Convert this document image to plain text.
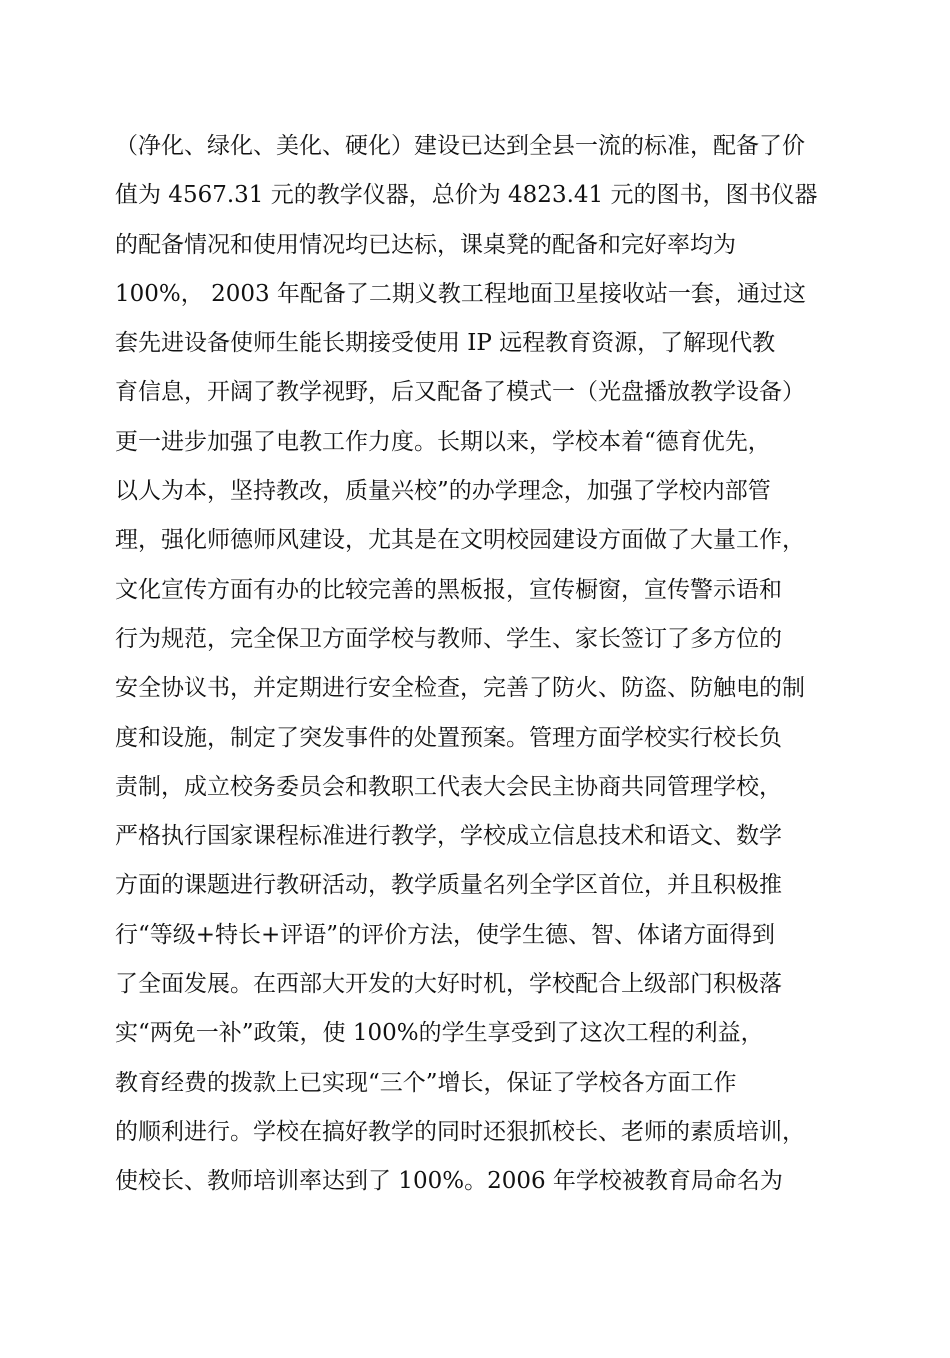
（净化、绿化、美化、硬化）建设已达到全县一流的标准，配备了价
值为 4567.31 元的教学仪器，总价为 4823.41 元的图书，图书仪器
的配备情况和使用情况均已达标，课桌凳的配备和完好率均为
100%， 2003 年配备了二期义教工程地面卫星接收站一套，通过这
套先进设备使师生能长期接受使用 IP 远程教育资源，了解现代教
育信息，开阔了教学视野，后又配备了模式一（光盘播放教学设备）
更一进步加强了电教工作力度。长期以来，学校本着“德育优先，
以人为本，坚持教改，质量兴校”的办学理念，加强了学校内部管
理，强化师德师风建设，尤其是在文明校园建设方面做了大量工作，
文化宣传方面有办的比较完善的黑板报，宣传橱窗，宣传警示语和
行为规范，完全保卫方面学校与教师、学生、家长签订了多方位的
安全协议书，并定期进行安全检查，完善了防火、防盗、防触电的制
度和设施，制定了突发事件的处置预案。管理方面学校实行校长负
责制，成立校务委员会和教职工代表大会民主协商共同管理学校，
严格执行国家课程标准进行教学，学校成立信息技术和语文、数学
方面的课题进行教研活动，教学质量名列全学区首位，并且积极推
行“等级+特长+评语”的评价方法，使学生德、智、体诸方面得到
了全面发展。在西部大开发的大好时机，学校配合上级部门积极落
实“两免一补”政策，使 100%的学生享受到了这次工程的利益，
教育经费的拨款上已实现“三个”增长，保证了学校各方面工作
的顺利进行。学校在搞好教学的同时还狠抓校长、老师的素质培训，
使校长、教师培训率达到了 100%。2006 年学校被教育局命名为
